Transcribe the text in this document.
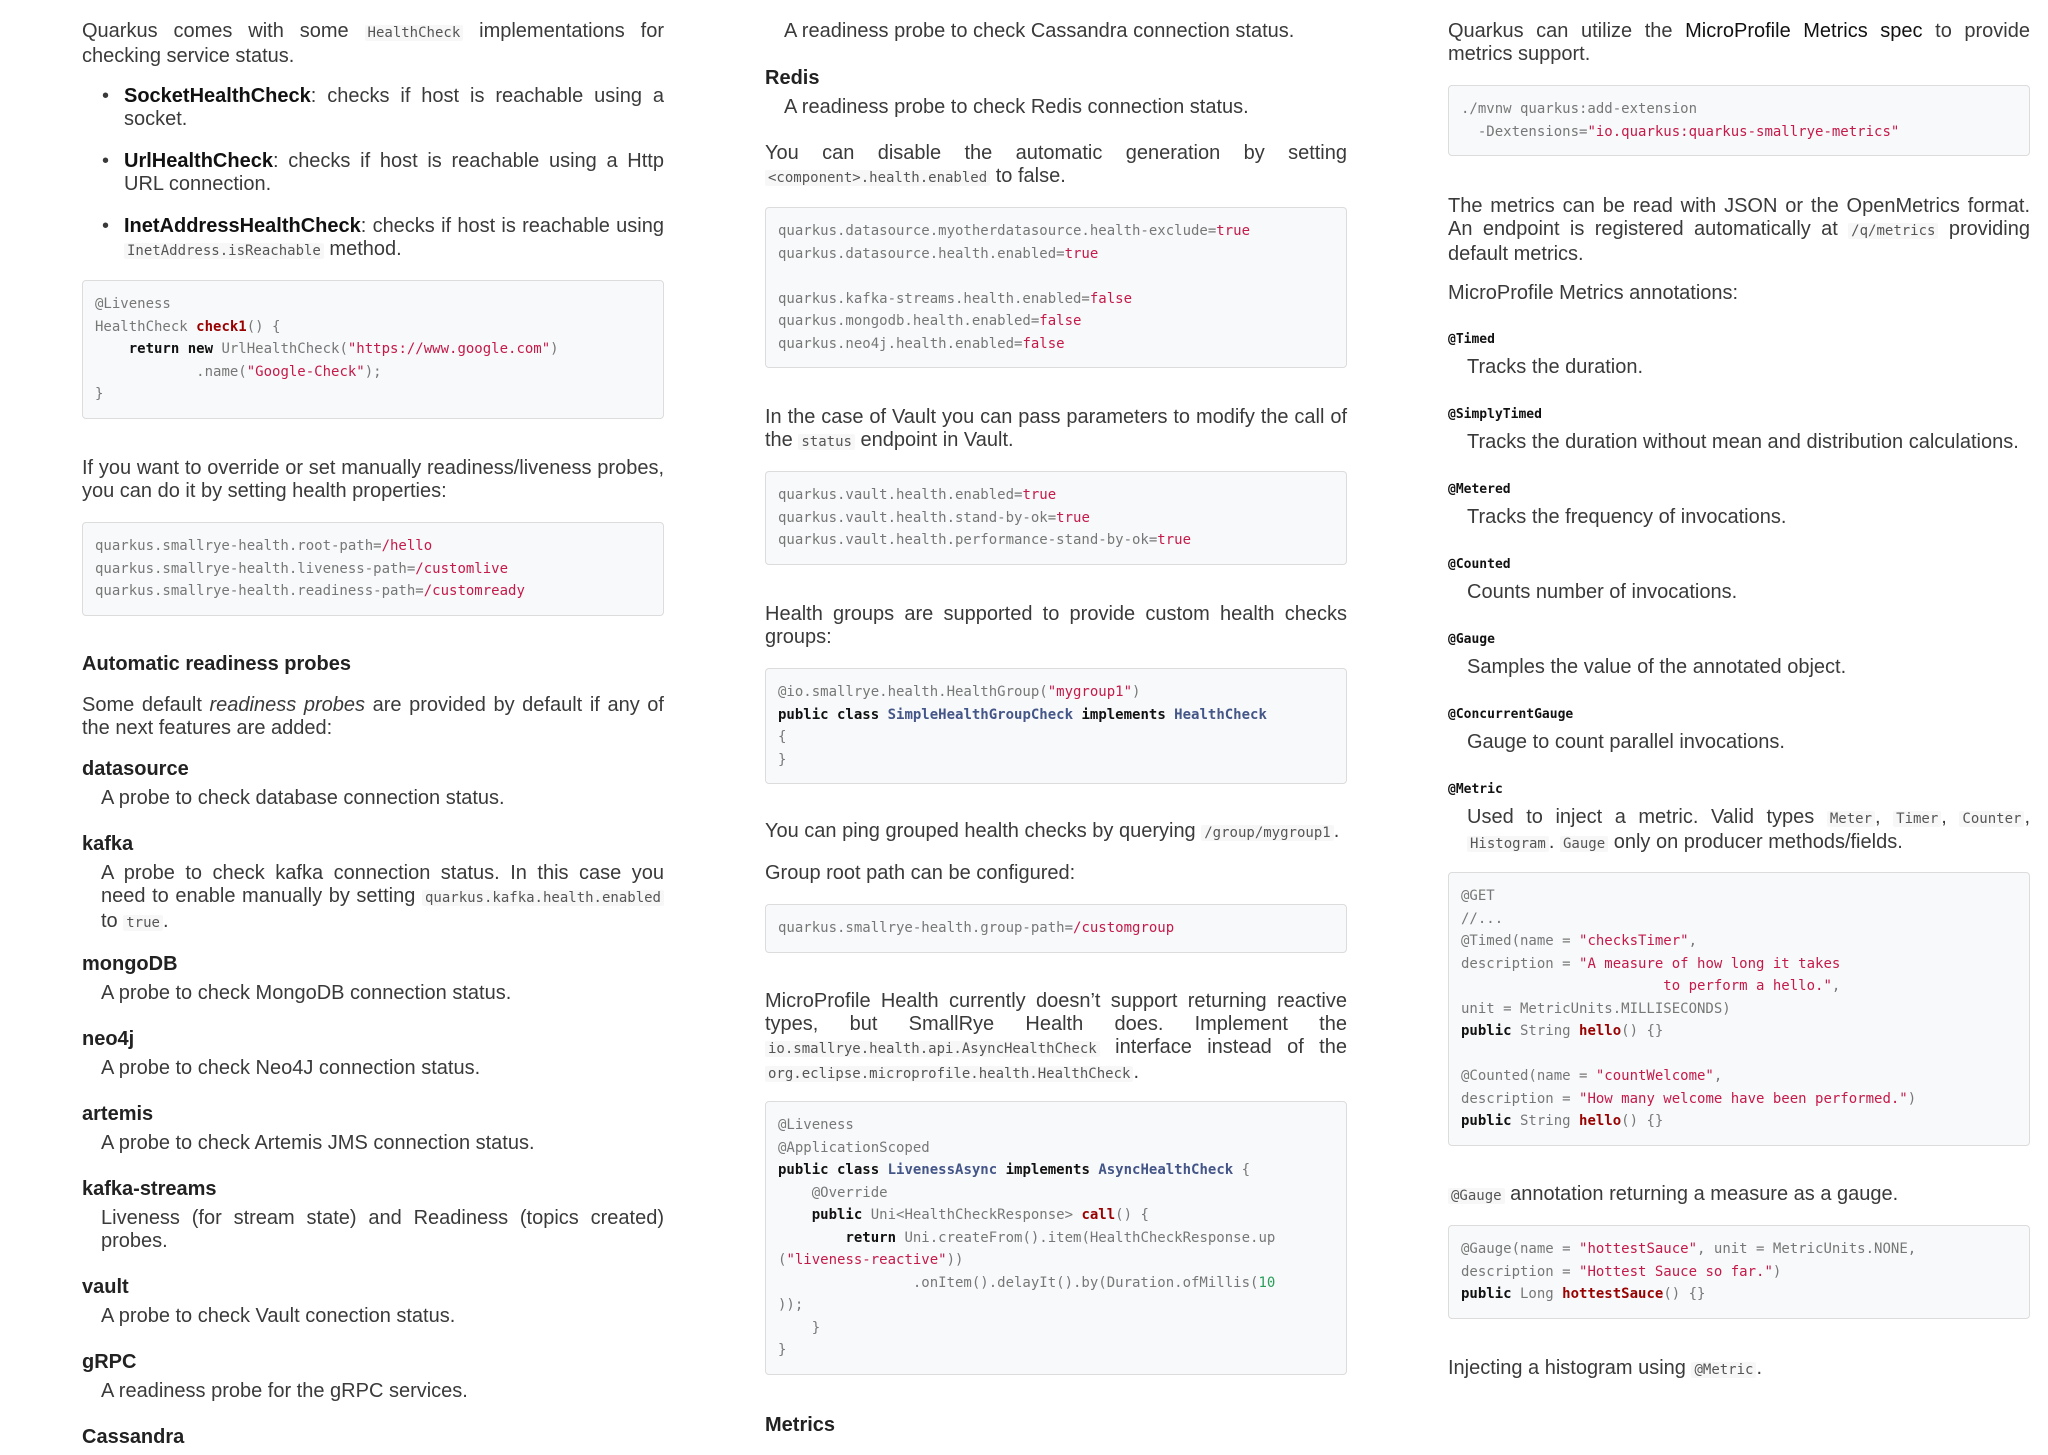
Quarkus comes with some HealthCheck implementations for checking service status.

• SocketHealthCheck: checks if host is reachable using a socket.
• UrlHealthCheck: checks if host is reachable using a Http URL connection.
• InetAddressHealthCheck: checks if host is reachable using InetAddress.isReachable method.
@Liveness
HealthCheck check1() {
return new UrlHealthCheck("https://www.google.com")
.name("Google-Check");
}

If you want to override or set manually readiness/liveness probes, you can do it by setting health properties:

quarkus.smallrye-health.root-path=/hello
quarkus.smallrye-health.liveness-path=/customlive
quarkus.smallrye-health.readiness-path=/customready
Automatic readiness probes

Some default readiness probes are provided by default if any of the next features are added:

datasource
A probe to check database connection status.
kafka
A probe to check kafka connection status. In this case you need to enable manually by setting quarkus.kafka.health.enabled to true .
mongoDB
A probe to check MongoDB connection status.
neo4j
A probe to check Neo4J connection status.
artemis
A probe to check Artemis JMS connection status.
kafka-streams
Liveness (for stream state) and Readiness (topics created) probes.
vault
A probe to check Vault conection status.
gRPC
A readiness probe for the gRPC services.
Cassandra
A readiness probe to check Cassandra connection status.
Redis
A readiness probe to check Redis connection status.

You can disable the automatic generation by setting <component>.health.enabled to false.

quarkus.datasource.myotherdatasource.health-exclude=true
quarkus.datasource.health.enabled=true

quarkus.kafka-streams.health.enabled=false
quarkus.mongodb.health.enabled=false
quarkus.neo4j.health.enabled=false

In the case of Vault you can pass parameters to modify the call of the status endpoint in Vault.

quarkus.vault.health.enabled=true
quarkus.vault.health.stand-by-ok=true
quarkus.vault.health.performance-stand-by-ok=true

Health groups are supported to provide custom health checks groups:

@io.smallrye.health.HealthGroup("mygroup1")
public class SimpleHealthGroupCheck implements HealthCheck
{
}

You can ping grouped health checks by querying /group/mygroup1 .

Group root path can be configured:

quarkus.smallrye-health.group-path=/customgroup

MicroProfile Health currently doesn’t support returning reactive types, but SmallRye Health does. Implement the io.smallrye.health.api.AsyncHealthCheck interface instead of the org.eclipse.microprofile.health.HealthCheck .

@Liveness
@ApplicationScoped
public class LivenessAsync implements AsyncHealthCheck {
@Override
public Uni<HealthCheckResponse> call() {
return Uni.createFrom().item(HealthCheckResponse.up
("liveness-reactive"))
.onItem().delayIt().by(Duration.ofMillis(10
));
}
}
Metrics

Quarkus can utilize the MicroProfile Metrics spec to provide metrics support.

./mvnw quarkus:add-extension
-Dextensions="io.quarkus:quarkus-smallrye-metrics"

The metrics can be read with JSON or the OpenMetrics format. An endpoint is registered automatically at /q/metrics providing default metrics.

MicroProfile Metrics annotations:

@Timed
Tracks the duration.
@SimplyTimed
Tracks the duration without mean and distribution calculations.
@Metered
Tracks the frequency of invocations.
@Counted
Counts number of invocations.
@Gauge
Samples the value of the annotated object.
@ConcurrentGauge
Gauge to count parallel invocations.
@Metric
Used to inject a metric. Valid types Meter , Timer , Counter , Histogram . Gauge only on producer methods/fields.
@GET
//...
@Timed(name = "checksTimer",
description = "A measure of how long it takes
to perform a hello.",
unit = MetricUnits.MILLISECONDS)
public String hello() {}

@Counted(name = "countWelcome",
description = "How many welcome have been performed.")
public String hello() {}

@Gauge annotation returning a measure as a gauge.

@Gauge(name = "hottestSauce", unit = MetricUnits.NONE,
description = "Hottest Sauce so far.")
public Long hottestSauce() {}

Injecting a histogram using @Metric .
